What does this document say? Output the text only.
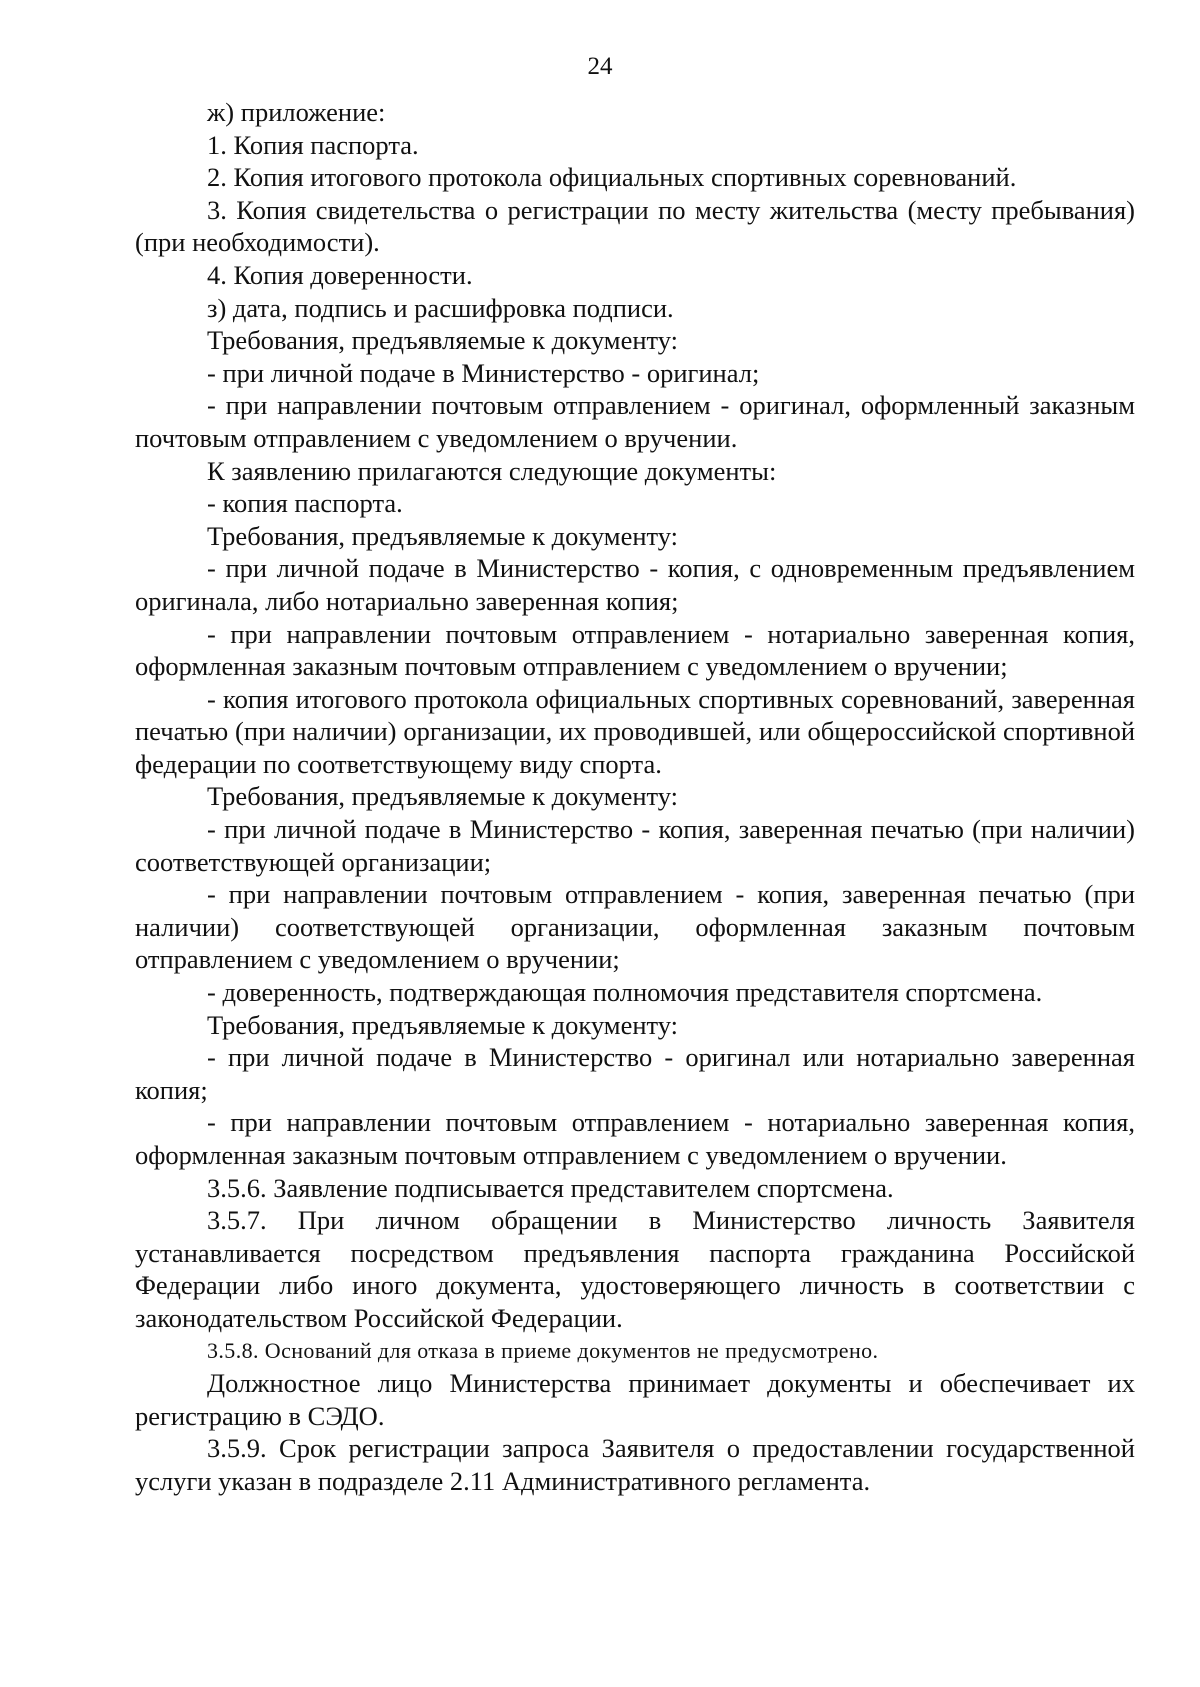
24

ж) приложение:

1. Копия паспорта.

2. Копия итогового протокола официальных спортивных соревнований.

3. Копия свидетельства о регистрации по месту жительства (месту пребывания) (при необходимости).

4. Копия доверенности.

з) дата, подпись и расшифровка подписи.

Требования, предъявляемые к документу:

- при личной подаче в Министерство - оригинал;

- при направлении почтовым отправлением - оригинал, оформленный заказным почтовым отправлением с уведомлением о вручении.

К заявлению прилагаются следующие документы:

- копия паспорта.

Требования, предъявляемые к документу:

- при личной подаче в Министерство - копия, с одновременным предъявлением оригинала, либо нотариально заверенная копия;

- при направлении почтовым отправлением - нотариально заверенная копия, оформленная заказным почтовым отправлением с уведомлением о вручении;

- копия итогового протокола официальных спортивных соревнований, заверенная печатью (при наличии) организации, их проводившей, или общероссийской спортивной федерации по соответствующему виду спорта.

Требования, предъявляемые к документу:

- при личной подаче в Министерство - копия, заверенная печатью (при наличии) соответствующей организации;

- при направлении почтовым отправлением - копия, заверенная печатью (при наличии) соответствующей организации, оформленная заказным почтовым отправлением с уведомлением о вручении;

- доверенность, подтверждающая полномочия представителя спортсмена.

Требования, предъявляемые к документу:

- при личной подаче в Министерство - оригинал или нотариально заверенная копия;

- при направлении почтовым отправлением - нотариально заверенная копия, оформленная заказным почтовым отправлением с уведомлением о вручении.

3.5.6. Заявление подписывается представителем спортсмена.

3.5.7. При личном обращении в Министерство личность Заявителя устанавливается посредством предъявления паспорта гражданина Российской Федерации либо иного документа, удостоверяющего личность в соответствии с законодательством Российской Федерации.

3.5.8. Оснований для отказа в приеме документов не предусмотрено.

Должностное лицо Министерства принимает документы и обеспечивает их регистрацию в СЭДО.

3.5.9. Срок регистрации запроса Заявителя о предоставлении государственной услуги указан в подразделе 2.11 Административного регламента.
